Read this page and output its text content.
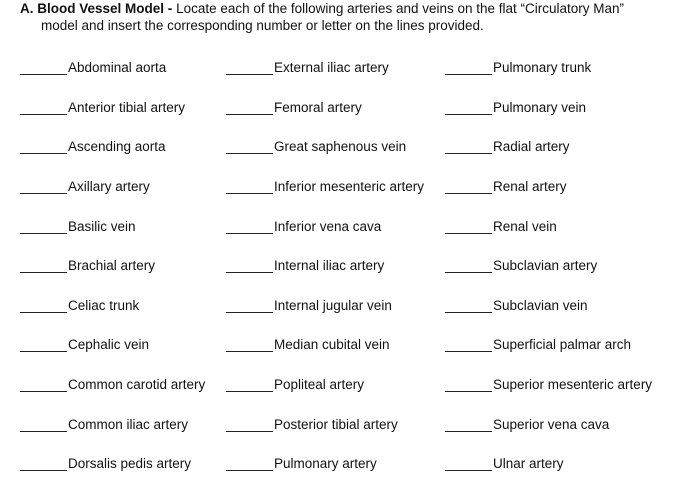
A. Blood Vessel Model - Locate each of the following arteries and veins on the flat “Circulatory Man”
model and insert the corresponding number or letter on the lines provided.
Abdominal aorta
Anterior tibial artery
Ascending aorta
Axillary artery
Basilic vein
Brachial artery
Celiac trunk
Cephalic vein
Common carotid artery
Common iliac artery
Dorsalis pedis artery
External iliac artery
Femoral artery
Great saphenous vein
Inferior mesenteric artery
Inferior vena cava
Internal iliac artery
Internal jugular vein
Median cubital vein
Popliteal artery
Posterior tibial artery
Pulmonary artery
Pulmonary trunk
Pulmonary vein
Radial artery
Renal artery
Renal vein
Subclavian artery
Subclavian vein
Superficial palmar arch
Superior mesenteric artery
Superior vena cava
Ulnar artery
